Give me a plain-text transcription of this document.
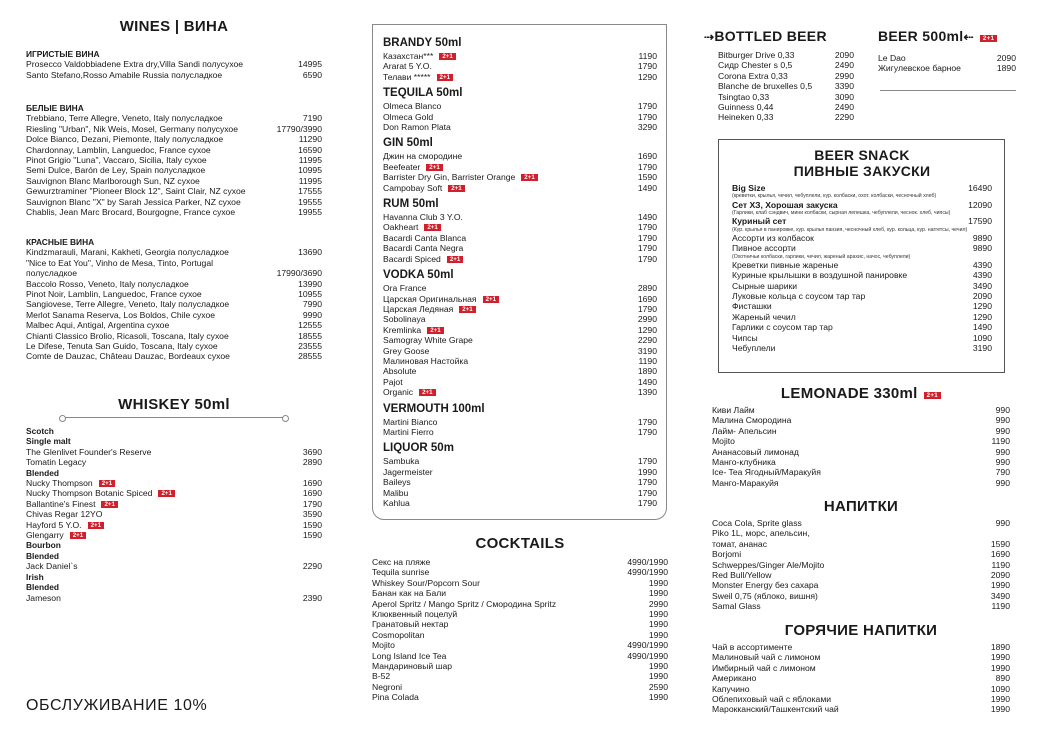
WINES | ВИНА
ИГРИСТЫЕ ВИНА
Prosecco Valdobbiadene Extra dry,Villa Sandi полусухое	14995
Santo Stefano,Rosso Amabile Russia полусладкое	6590
БЕЛЫЕ ВИНА
Trebbiano, Terre Allegre, Veneto, Italy полусладкое	7190
Riesling "Urban", Nik Weis, Mosel, Germany полусухое	17790/3990
Dolce Bianco, Dezani, Piemonte, Italy полусладкое	11290
Chardonnay, Lamblin, Languedoc, France сухое	16590
Pinot Grigio "Luna", Vaccaro, Sicilia, Italy сухое	11995
Semi Dulce, Barón de Ley, Spain полусладкое	10995
Sauvignon Blanc Marlborough Sun, NZ сухое	11995
Gewurztraminer "Pioneer Block 12", Saint Clair, NZ сухое	17555
Sauvignon Blanc "X" by Sarah Jessica Parker, NZ сухое	19555
Chablis, Jean Marc Brocard, Bourgogne, France сухое	19955
КРАСНЫЕ ВИНА
Kindzmarauli, Marani, Kakheti, Georgia полусладкое	13690
"Nice to Eat You", Vinho de Mesa, Tinto, Portugal
полусладкое	17990/3690
Baccolo Rosso, Veneto, Italy полусладкое	13990
Pinot Noir, Lamblin, Languedoc, France сухое	10955
Sangiovese, Terre Allegre, Veneto, Italy полусладкое	7990
Merlot Sanama Reserva, Los Boldos, Chile сухое	9990
Malbec Aqui, Antigal, Argentina сухое	12555
Chianti Classico Brolio, Ricasoli, Toscana, Italy сухое	18555
Le Difese, Tenuta San Guido, Toscana, Italy сухое	23555
Comte de Dauzac, Château Dauzac, Bordeaux сухое	28555
WHISKEY 50ml
Scotch
Single malt
The Glenlivet Founder's Reserve	3690
Tomatin Legacy	2890
Blended
Nucky Thompson 2+1	1690
Nucky Thompson Botanic Spiced 2+1	1690
Ballantine's Finest 2+1	1790
Chivas Regar 12YO	3590
Hayford 5 Y.O. 2+1	1590
Glengarry 2+1	1590
Bourbon
Blended
Jack Daniel`s	2290
Irish
Blended
Jameson	2390
ОБСЛУЖИВАНИЕ 10%
BRANDY 50ml
Казахстан*** 2+1	1190
Ararat 5 Y.O.	1790
Телави ***** 2+1	1290
TEQUILA 50ml
Olmeca Blanco	1790
Olmeca Gold	1790
Don Ramon Plata	3290
GIN 50ml
Джин на смородине	1690
Beefeater 2+1	1790
Barrister Dry Gin, Barrister Orange 2+1	1590
Campobay Soft 2+1	1490
RUM 50ml
Havanna Club 3 Y.O.	1490
Oakheart 2+1	1790
Bacardi Canta Blanca	1790
Bacardi Canta Negra	1790
Bacardi Spiced 2+1	1790
VODKA 50ml
Ora France	2890
Царская Оригинальная 2+1	1690
Царская Ледяная 2+1	1790
Sobolinaya	2990
Kremlinka 2+1	1290
Samogray White Grape	2290
Grey Goose	3190
Малиновая Настойка	1190
Absolute	1890
Pajot	1490
Organic 2+1	1390
VERMOUTH 100ml
Martini Bianco	1790
Martini Fierro	1790
LIQUOR 50m
Sambuka	1790
Jagermeister	1990
Baileys	1790
Malibu	1790
Kahlua	1790
COCKTAILS
Секс на пляже	4990/1990
Tequila sunrise	4990/1990
Whiskey Sour/Popcorn Sour	1990
Банан как на Бали	1990
Aperol Spritz / Mango Spritz / Смородина Spritz	2990
Клюквенный поцелуй	1990
Гранатовый нектар	1990
Cosmopolitan	1990
Mojito	4990/1990
Long Island Ice Tea	4990/1990
Мандариновый шар	1990
B-52	1990
Negroni	2590
Pina Colada	1990
⇢BOTTLED BEER
Bitburger Drive 0,33	2090
Сидр Chester s 0,5	2490
Corona Extra 0,33	2990
Blanche de bruxelles 0,5	3390
Tsingtao 0,33	3090
Guinness 0,44	2490
Heineken 0,33	2290
BEER 500ml⇠ 2+1
Le Dao	2090
Жигулевское барное	1890
BEER SNACK
ПИВНЫЕ ЗАКУСКИ
Big Size	16490
(креветки, крылья, чечил, чебуплели, кур. колбаски, охот. колбаски, чесночный хлеб)
Сет ХЗ, Хорошая закуска	12090
(Гарлики, клаб сэндвич, мини колбаски, сырная лепешка, чебуплели, чеснок. хлеб, чипсы)
Куриный сет	17590
(Кур. крылья в панировке, кур. крылья панзия, чесночный хлеб, кур. кольца, кур. наггетсы, чечил)
Ассорти из колбасок	9890
Пивное ассорти	9890
(Охотничьи колбаски, гарлики, чечил, жареный арахис, начос, чебуплели)
Креветки пивные жареные	4390
Куриные крылышки в воздушной панировке	4390
Сырные шарики	3490
Луковые кольца с соусом тар тар	2090
Фисташки	1290
Жареный чечил	1290
Гарлики с соусом тар тар	1490
Чипсы	1090
Чебуплели	3190
LEMONADE 330ml 2+1
Киви Лайм	990
Малина Смородина	990
Лайм- Апельсин	990
Mojito	1190
Ананасовый лимонад	990
Манго-клубника	990
Ice- Tea Ягодный/Маракуйя	790
Манго-Маракуйя	990
НАПИТКИ
Coca Cola, Sprite glass	990
Piko 1L, морс, апельсин,
томат, ананас	1590
Borjomi	1690
Schweppes/Ginger Ale/Mojito	1190
Red Bull/Yellow	2090
Monster Energy без сахара	1990
Sweil 0,75 (яблоко, вишня)	3490
Samal Glass	1190
ГОРЯЧИЕ НАПИТКИ
Чай в ассортименте	1890
Малиновый чай с лимоном	1990
Имбирный чай с лимоном	1990
Американо	890
Капучино	1090
Облепиховый чай с яблоками	1990
Марокканский/Ташкентский чай	1990
